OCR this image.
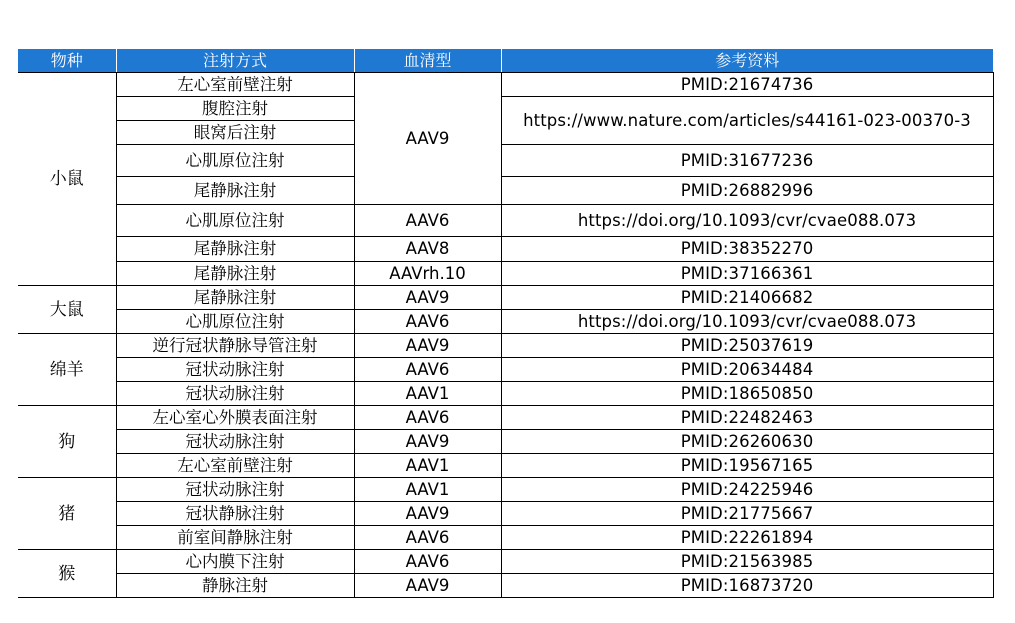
物种	注射方式	血清型	参考资料
小鼠	左心室前壁注射	AAV9	PMID:21674736
	腹腔注射		https://www.nature.com/articles/s44161-023-00370-3
	眼窝后注射		
	心肌原位注射		PMID:31677236
	尾静脉注射		PMID:26882996
	心肌原位注射	AAV6	https://doi.org/10.1093/cvr/cvae088.073
	尾静脉注射	AAV8	PMID:38352270
	尾静脉注射	AAVrh.10	PMID:37166361
大鼠	尾静脉注射	AAV9	PMID:21406682
	心肌原位注射	AAV6	https://doi.org/10.1093/cvr/cvae088.073
绵羊	逆行冠状静脉导管注射	AAV9	PMID:25037619
	冠状动脉注射	AAV6	PMID:20634484
	冠状动脉注射	AAV1	PMID:18650850
狗	左心室心外膜表面注射	AAV6	PMID:22482463
	冠状动脉注射	AAV9	PMID:26260630
	左心室前壁注射	AAV1	PMID:19567165
猪	冠状动脉注射	AAV1	PMID:24225946
	冠状静脉注射	AAV9	PMID:21775667
	前室间静脉注射	AAV6	PMID:22261894
猴	心内膜下注射	AAV6	PMID:21563985
	静脉注射	AAV9	PMID:16873720
